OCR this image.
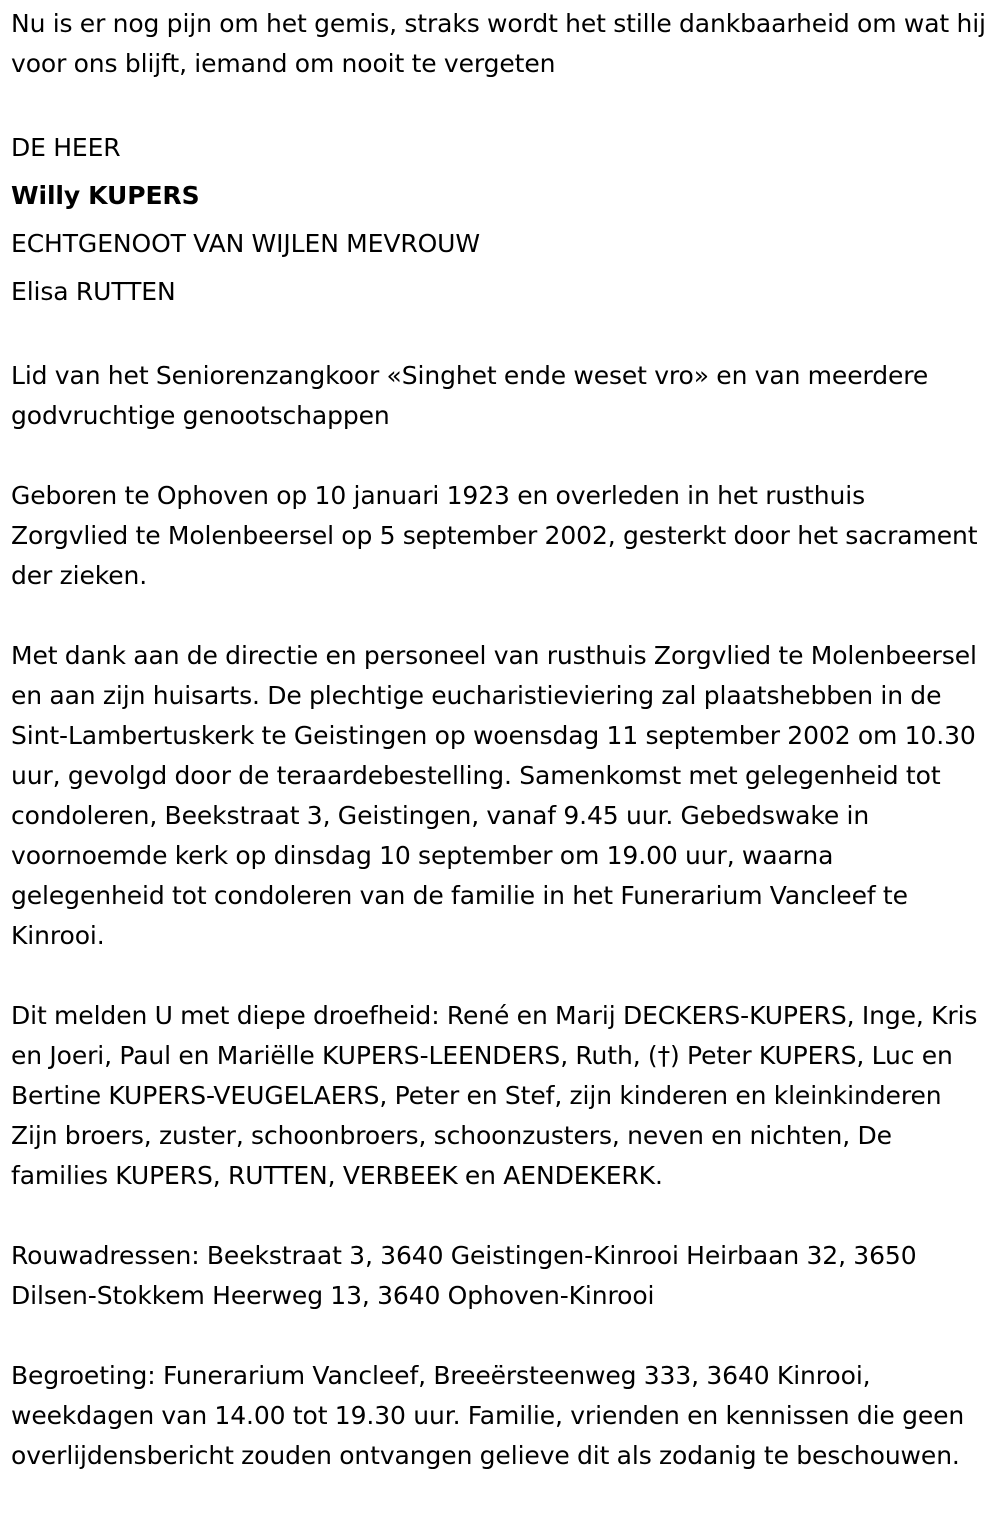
Nu is er nog pijn om het gemis, straks wordt het stille dankbaarheid om wat hij voor ons blijft, iemand om nooit te vergeten

DE HEER

Willy KUPERS

ECHTGENOOT VAN WIJLEN MEVROUW

Elisa RUTTEN

Lid van het Seniorenzangkoor «Singhet ende weset vro» en van meerdere godvruchtige genootschappen

Geboren te Ophoven op 10 januari 1923 en overleden in het rusthuis Zorgvlied te Molenbeersel op 5 september 2002, gesterkt door het sacrament der zieken.

Met dank aan de directie en personeel van rusthuis Zorgvlied te Molenbeersel en aan zijn huisarts. De plechtige eucharistieviering zal plaatshebben in de Sint-Lambertuskerk te Geistingen op woensdag 11 september 2002 om 10.30 uur, gevolgd door de teraardebestelling. Samenkomst met gelegenheid tot condoleren, Beekstraat 3, Geistingen, vanaf 9.45 uur. Gebedswake in voornoemde kerk op dinsdag 10 september om 19.00 uur, waarna gelegenheid tot condoleren van de familie in het Funerarium Vancleef te Kinrooi.

Dit melden U met diepe droefheid: René en Marij DECKERS-KUPERS, Inge, Kris en Joeri, Paul en Mariëlle KUPERS-LEENDERS, Ruth, (†) Peter KUPERS, Luc en Bertine KUPERS-VEUGELAERS, Peter en Stef, zijn kinderen en kleinkinderen Zijn broers, zuster, schoonbroers, schoonzusters, neven en nichten, De families KUPERS, RUTTEN, VERBEEK en AENDEKERK.

Rouwadressen: Beekstraat 3, 3640 Geistingen-Kinrooi Heirbaan 32, 3650 Dilsen-Stokkem Heerweg 13, 3640 Ophoven-Kinrooi

Begroeting: Funerarium Vancleef, Breeërsteenweg 333, 3640 Kinrooi, weekdagen van 14.00 tot 19.30 uur. Familie, vrienden en kennissen die geen overlijdensbericht zouden ontvangen gelieve dit als zodanig te beschouwen.
